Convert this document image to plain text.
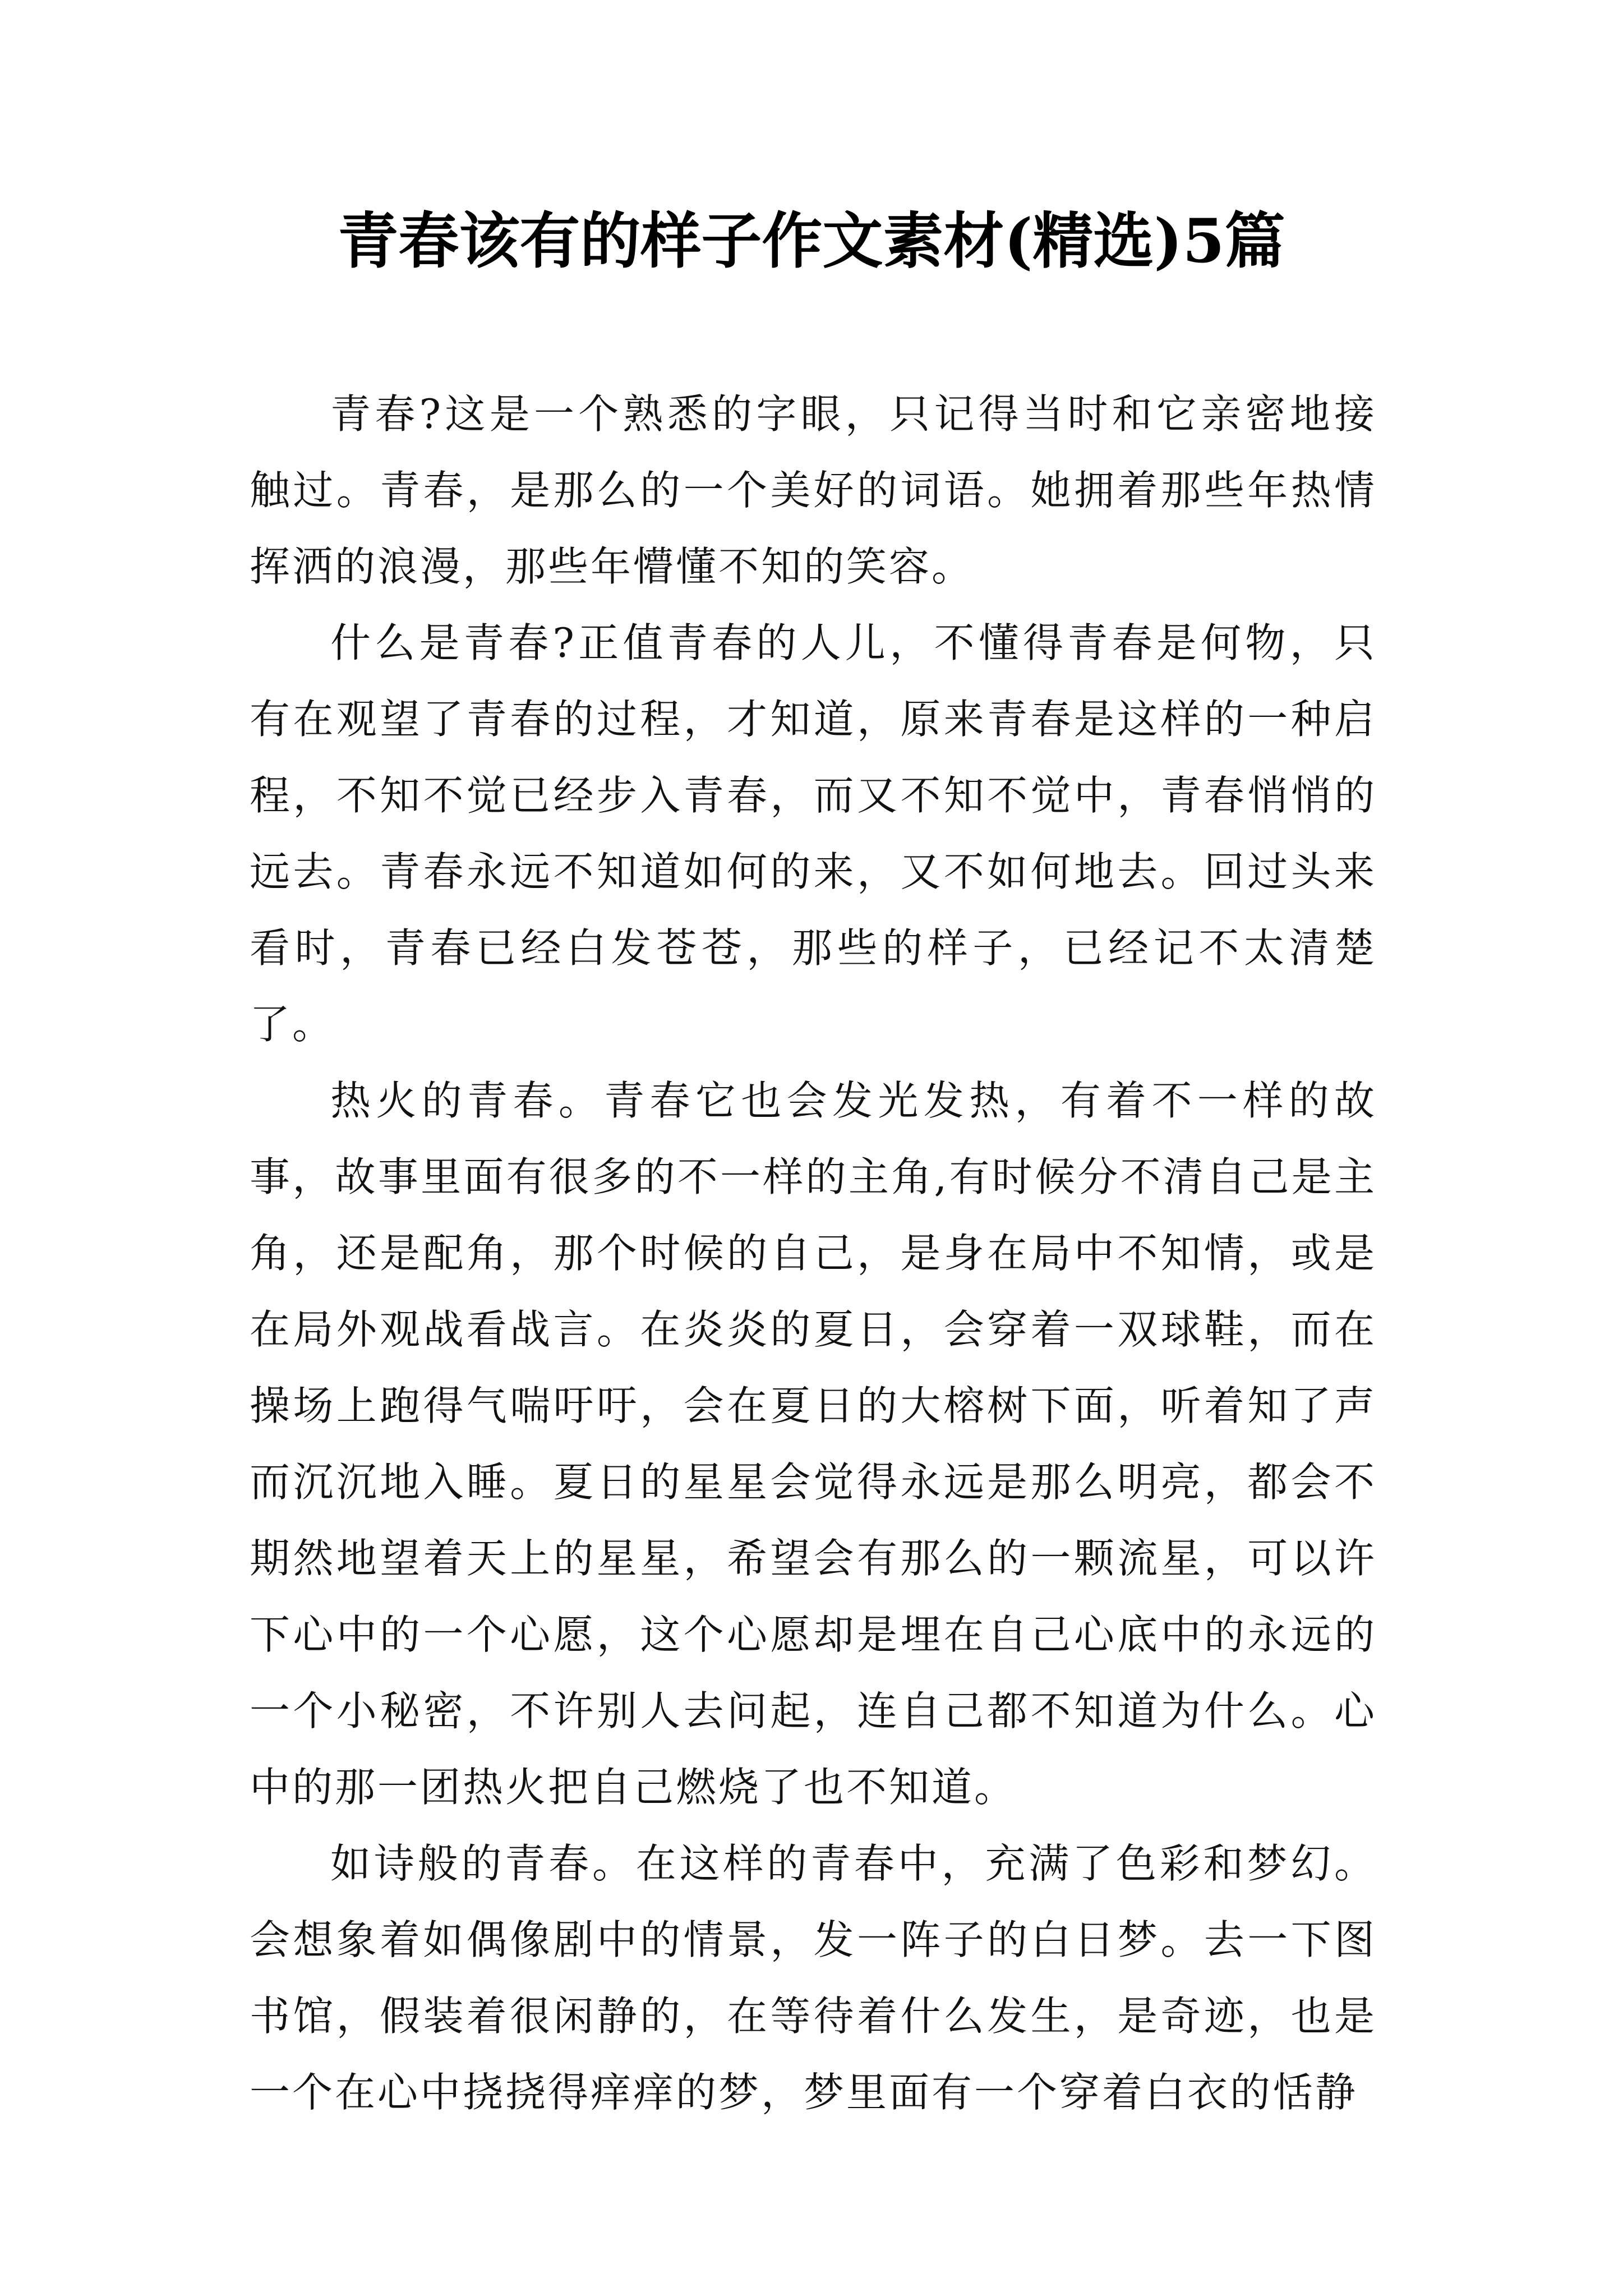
青春该有的样子作文素材(精选)5篇

青春?这是一个熟悉的字眼，只记得当时和它亲密地接触过。青春，是那么的一个美好的词语。她拥着那些年热情挥洒的浪漫，那些年懵懂不知的笑容。

什么是青春?正值青春的人儿，不懂得青春是何物，只有在观望了青春的过程，才知道，原来青春是这样的一种启程，不知不觉已经步入青春，而又不知不觉中，青春悄悄的远去。青春永远不知道如何的来，又不如何地去。回过头来看时，青春已经白发苍苍，那些的样子，已经记不太清楚了。

热火的青春。青春它也会发光发热，有着不一样的故事，故事里面有很多的不一样的主角,有时候分不清自己是主角，还是配角，那个时候的自己，是身在局中不知情，或是在局外观战看战言。在炎炎的夏日，会穿着一双球鞋，而在操场上跑得气喘吁吁，会在夏日的大榕树下面，听着知了声而沉沉地入睡。夏日的星星会觉得永远是那么明亮，都会不期然地望着天上的星星，希望会有那么的一颗流星，可以许下心中的一个心愿，这个心愿却是埋在自己心底中的永远的一个小秘密，不许别人去问起，连自己都不知道为什么。心中的那一团热火把自己燃烧了也不知道。

如诗般的青春。在这样的青春中，充满了色彩和梦幻。会想象着如偶像剧中的情景，发一阵子的白日梦。去一下图书馆，假装着很闲静的，在等待着什么发生，是奇迹，也是一个在心中挠挠得痒痒的梦，梦里面有一个穿着白衣的恬静
